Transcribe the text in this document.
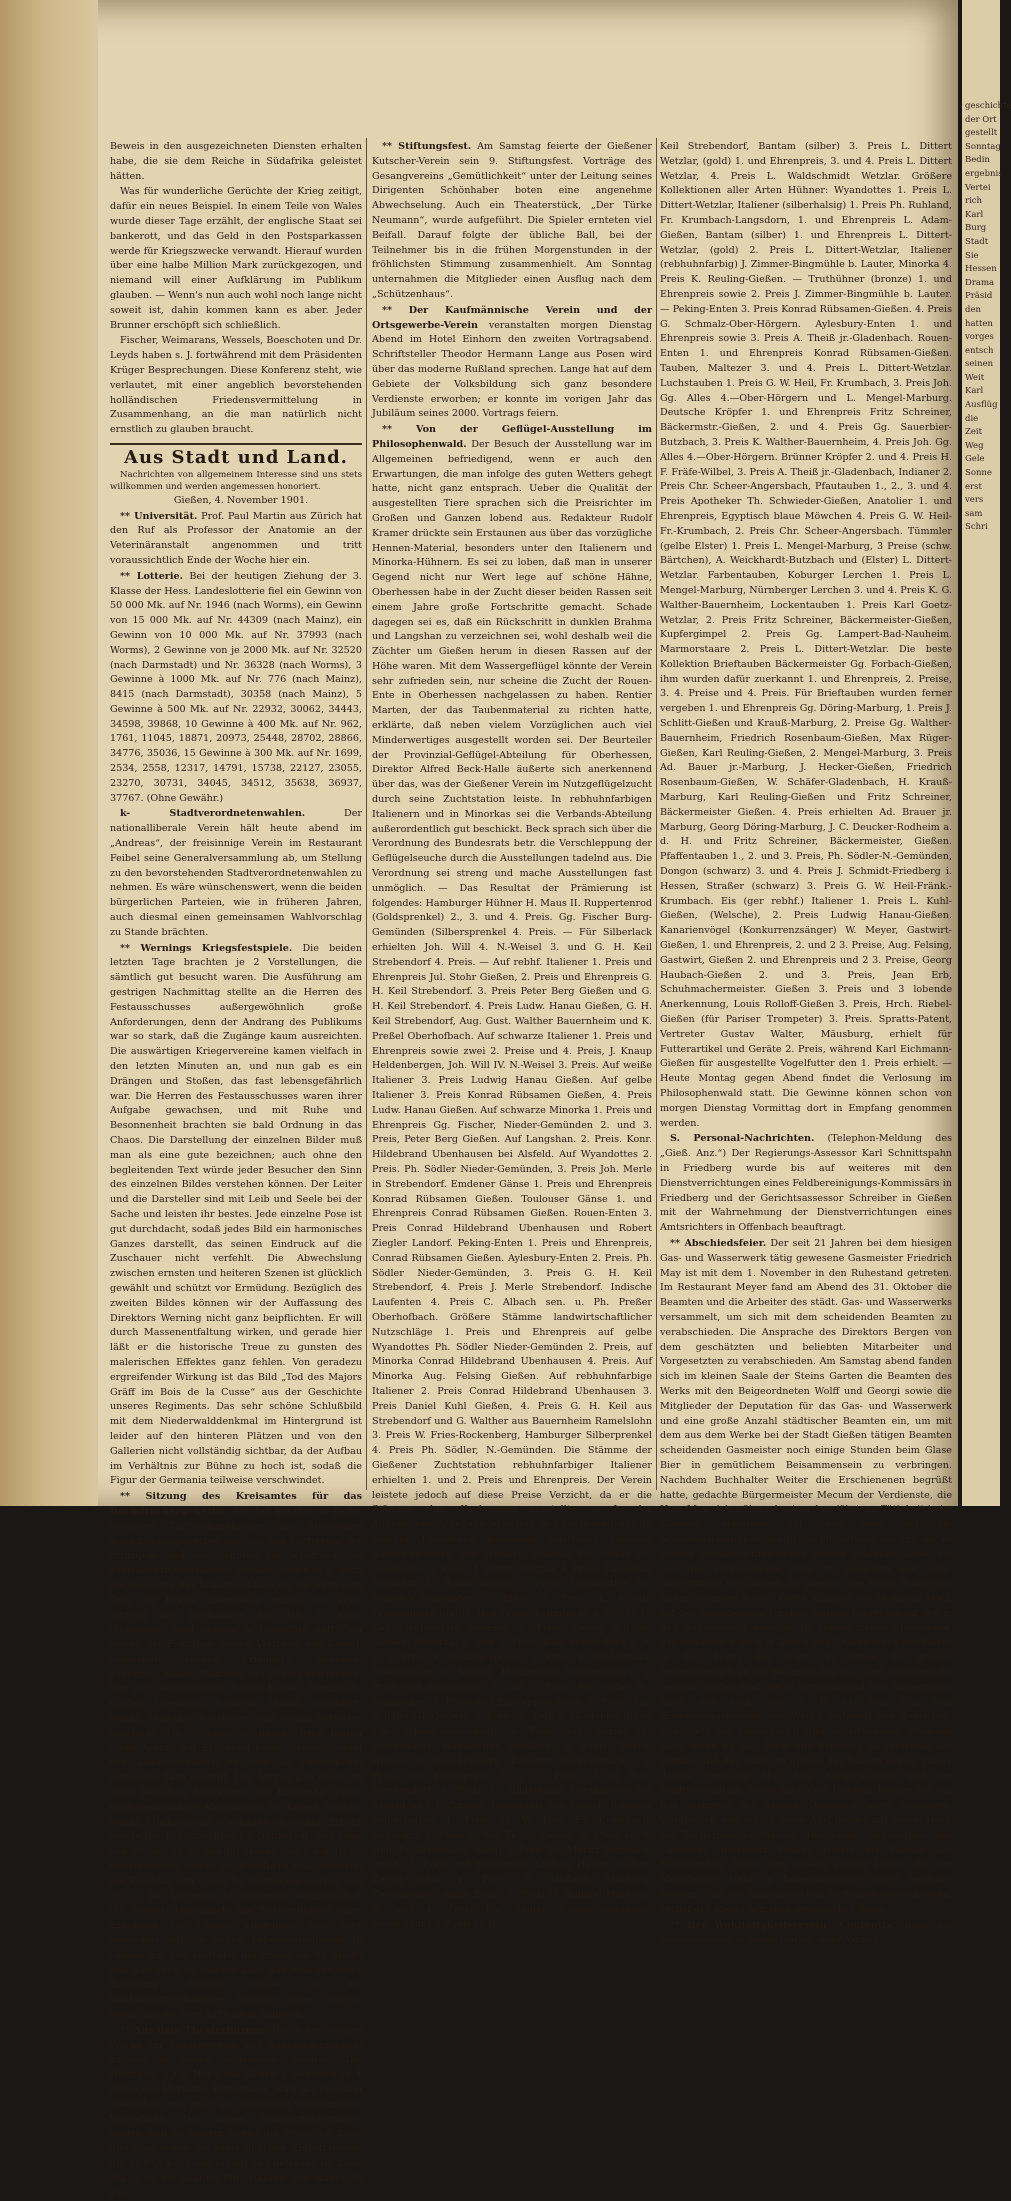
Beweis in den ausgezeichneten Diensten erhalten habe, die sie dem Reiche in Südafrika geleistet hätten.

Was für wunderliche Gerüchte der Krieg zeitigt, dafür ein neues Beispiel. In einem Teile von Wales wurde dieser Tage erzählt, der englische Staat sei bankerott, und das Geld in den Postsparkassen werde für Kriegszwecke verwandt. Hierauf wurden über eine halbe Million Mark zurückgezogen, und niemand will einer Aufklärung im Publikum glauben. — Wenn's nun auch wohl noch lange nicht soweit ist, dahin kommen kann es aber. Jeder Brunner erschöpft sich schließlich.

Fischer, Weimarans, Wessels, Boeschoten und Dr. Leyds haben s. J. fortwährend mit dem Präsidenten Krüger Besprechungen. Diese Konferenz steht, wie verlautet, mit einer angeblich bevorstehenden holländischen Friedensvermittelung in Zusammenhang, an die man natürlich nicht ernstlich zu glauben braucht.

Aus Stadt und Land.

Nachrichten von allgemeinem Interesse sind uns stets willkommen und werden angemessen honoriert.

Gießen, 4. November 1901.

** Universität. Prof. Paul Martin aus Zürich hat den Ruf als Professor der Anatomie an der Veterinäranstalt angenommen und tritt voraussichtlich Ende der Woche hier ein.

** Lotterie. Bei der heutigen Ziehung der 3. Klasse der Hess. Landeslotterie fiel ein Gewinn von 50 000 Mk. auf Nr. 1946 (nach Worms), ein Gewinn von 15 000 Mk. auf Nr. 44309 (nach Mainz), ein Gewinn von 10 000 Mk. auf Nr. 37993 (nach Worms), 2 Gewinne von je 2000 Mk. auf Nr. 32520 (nach Darmstadt) und Nr. 36328 (nach Worms), 3 Gewinne à 1000 Mk. auf Nr. 776 (nach Mainz), 8415 (nach Darmstadt), 30358 (nach Mainz), 5 Gewinne à 500 Mk. auf Nr. 22932, 30062, 34443, 34598, 39868, 10 Gewinne à 400 Mk. auf Nr. 962, 1761, 11045, 18871, 20973, 25448, 28702, 28866, 34776, 35036, 15 Gewinne à 300 Mk. auf Nr. 1699, 2534, 2558, 12317, 14791, 15738, 22127, 23055, 23270, 30731, 34045, 34512, 35638, 36937, 37767. (Ohne Gewähr.)

k- Stadtverordnetenwahlen.	Der nationalliberale Verein hält heute abend im „Andreas“, der freisinnige Verein im Restaurant Feibel seine Generalversammlung ab, um Stellung zu den bevorstehenden Stadtverordnetenwahlen zu nehmen. Es wäre wünschenswert, wenn die beiden bürgerlichen Parteien, wie in früheren Jahren, auch diesmal einen gemeinsamen Wahlvorschlag zu Stande brächten.

** Wernings Kriegsfestspiele. Die beiden letzten Tage brachten je 2 Vorstellungen, die sämtlich gut besucht waren. Die Ausführung am gestrigen Nachmittag stellte an die Herren des Festausschusses außergewöhnlich große Anforderungen, denn der Andrang des Publikums war so stark, daß die Zugänge kaum ausreichten. Die auswärtigen Kriegervereine kamen vielfach in den letzten Minuten an, und nun gab es ein Drängen und Stoßen, das fast lebensgefährlich war. Die Herren des Festausschusses waren ihrer Aufgabe gewachsen, und mit Ruhe und Besonnenheit brachten sie bald Ordnung in das Chaos. Die Darstellung der einzelnen Bilder muß man als eine gute bezeichnen; auch ohne den begleitenden Text würde jeder Besucher den Sinn des einzelnen Bildes verstehen können. Der Leiter und die Darsteller sind mit Leib und Seele bei der Sache und leisten ihr bestes. Jede einzelne Pose ist gut durchdacht, sodaß jedes Bild ein harmonisches Ganzes darstellt, das seinen Eindruck auf die Zuschauer nicht verfehlt. Die Abwechslung zwischen ernsten und heiteren Szenen ist glücklich gewählt und schützt vor Ermüdung. Bezüglich des zweiten Bildes können wir der Auffassung des Direktors Werning nicht ganz beipflichten. Er will durch Massenentfaltung wirken, und gerade hier läßt er die historische Treue zu gunsten des malerischen Effektes ganz fehlen. Von geradezu ergreifender Wirkung ist das Bild „Tod des Majors Gräff im Bois de la Cusse“ aus der Geschichte unseres Regiments. Das sehr schöne Schlußbild mit dem Niederwalddenkmal im Hintergrund ist leider auf den hinteren Plätzen und von den Gallerien nicht vollständig sichtbar, da der Aufbau im Verhältnis zur Bühne zu hoch ist, sodaß die Figur der Germania teilweise verschwindet.

** Sitzung des Kreisamtes für das Buchdruckergewerbe. Bei den kürzlich in Berlin erfolgten Tarifverhandlungen des Deutschen Buchdruckergewerbes war von den Vertretern der Prinzipale und der Gehilfen die Schaffung von Kreisämtern beschlossen worden, denen u. a. auch die Regelung der Lokalzuschläge für die einzelnen Orte der Kreise überwiesen wurde. Die erste Sitzung des Kreisamtes für den 3. Kreis (Mainkreis) fand gestern in Frankfurt statt. Von Seiten der Prinzipale waren Vertreter aus Kassel, Darmstadt, Gießen, Friedberg, Nauheim, Frankfurt, Mainz, Marburg und Worms erschienen. Von der Gehilfenschaft hatten Kassel, Darmstadt, Gießen, Friedberg, Nauheim, Hanau, Frankfurt, Mainz, Marburg, Wiesbaden und Worms Vertreter geschickt. Die Gehilfen in diesen Orten hatten einen Antrag auf Erhöhung bezw. Neueinführung von Lokalzuschlägen zu dem im Deutschland geltenden Tarif gestellt. Der Antrag gab Anlaß zu einer lebhaften Erörterung. Die Erhöhung wurde nach mehrmaliger Abstimmung für Kassel, Gießen, Mainz, Marburg und Wiesbaden abgelehnt. Erhöht wurde der Lokalzuschlag für Darmstadt, und zwar von 8⅓ auf 11 %, und für Hanau von 5 auf 10 %; neueingeführt wurde für Friedberg und Nauheim ein Zuschlag von 5 und für Worms ein solcher von 2½ %. Der Vertreter der Gießener Gehilfenschaft (M. Keßler) begründete die Notwendigkeit einer Erhöhung für Gießen eingehend und wies besonders auf die hohen Lebensmittelpreise in Gießen hin. Der Vertreter der Prinzipale (O. Kindt) gab dies auch zu, glaubte aber, daß man von einer Erhöhung absehen müsse, da die Konkurrenzverhältnisse Gießens diese weitere Belastung der Geschäfte nicht zuließen.

** Aus dem Theaterbureau. Die in der vorigen Woche im Theaterverein mit außerordentlichem Erfolge in Szene gegangene Novität „Die Hoffnung“ („Op Hope van Zegen“), Seestück in 4 Akten von Hermann Heyermans, wird am Dienstag wiederholt und zwar als vollständig volkstümliche Vorstellung. Der hohen Honorarforderungen wegen sind an diesem Abend die Preise für Loge und Saal gegen die sonst üblichen Eintrittspreise um 10 Pfg. pro Billet erhöht und betragen für Loge Mk. 1,30, für Saal 60 Pfg., Gallerie wie immer 30 Pfg.

** Stiftungsfest. Am Samstag feierte der Gießener Kutscher-Verein sein 9. Stiftungsfest. Vorträge des Gesangvereins „Gemütlichkeit“ unter der Leitung seines Dirigenten Schönhaber boten eine angenehme Abwechselung. Auch ein Theaterstück, „Der Türke Neumann“, wurde aufgeführt. Die Spieler ernteten viel Beifall. Darauf folgte der übliche Ball, bei der Teilnehmer bis in die frühen Morgenstunden in der fröhlichsten Stimmung zusammenhielt. Am Sonntag unternahmen die Mitglieder einen Ausflug nach dem „Schützenhaus“.

** Der Kaufmännische Verein und der Ortsgewerbe-Verein veranstalten morgen Dienstag Abend im Hotel Einhorn den zweiten Vortragsabend. Schriftsteller Theodor Hermann Lange aus Posen wird über das moderne Rußland sprechen. Lange hat auf dem Gebiete der Volksbildung sich ganz besondere Verdienste erworben; er konnte im vorigen Jahr das Jubiläum seines 2000. Vortrags feiern.

** Von der Geflügel-Ausstellung im Philosophenwald. Der Besuch der Ausstellung war im Allgemeinen befriedigend, wenn er auch den Erwartungen, die man infolge des guten Wetters gehegt hatte, nicht ganz entsprach. Ueber die Qualität der ausgestellten Tiere sprachen sich die Preisrichter im Großen und Ganzen lobend aus. Redakteur Rudolf Kramer drückte sein Erstaunen aus über das vorzügliche Hennen-Material, besonders unter den Italienern und Minorka-Hühnern. Es sei zu loben, daß man in unserer Gegend nicht nur Wert lege auf schöne Hähne, Oberhessen habe in der Zucht dieser beiden Rassen seit einem Jahre große Fortschritte gemacht. Schade dagegen sei es, daß ein Rückschritt in dunklen Brahma und Langshan zu verzeichnen sei, wohl deshalb weil die Züchter um Gießen herum in diesen Rassen auf der Höhe waren. Mit dem Wassergeflügel könnte der Verein sehr zufrieden sein, nur scheine die Zucht der Rouen-Ente in Oberhessen nachgelassen zu haben. Rentier Marten, der das Taubenmaterial zu richten hatte, erklärte, daß neben vielem Vorzüglichen auch viel Minderwertiges ausgestellt worden sei. Der Beurteiler der Provinzial-Geflügel-Abteilung für Oberhessen, Direktor Alfred Beck-Halle äußerte sich anerkennend über das, was der Gießener Verein im Nutzgeflügelzucht durch seine Zuchtstation leiste. In rebhuhnfarbigen Italienern und in Minorkas sei die Verbands-Abteilung außerordentlich gut beschickt. Beck sprach sich über die Verordnung des Bundesrats betr. die Verschleppung der Geflügelseuche durch die Ausstellungen tadelnd aus. Die Verordnung sei streng und mache Ausstellungen fast unmöglich. — Das Resultat der Prämierung ist folgendes: Hamburger Hühner H. Maus II. Ruppertenrod (Goldsprenkel) 2., 3. und 4. Preis. Gg. Fischer Burg-Gemünden (Silbersprenkel 4. Preis. — Für Silberlack erhielten Joh. Will 4. N.-Weisel 3. und G. H. Keil Strebendorf 4. Preis. — Auf rebhf. Italiener 1. Preis und Ehrenpreis Jul. Stohr Gießen, 2. Preis und Ehrenpreis G. H. Keil Strebendorf. 3. Preis Peter Berg Gießen und G. H. Keil Strebendorf. 4. Preis Ludw. Hanau Gießen, G. H. Keil Strebendorf, Aug. Gust. Walther Bauernheim und K. Preßel Oberhofbach. Auf schwarze Italiener 1. Preis und Ehrenpreis sowie zwei 2. Preise und 4. Preis, J. Knaup Heldenbergen, Joh. Will IV. N.-Weisel 3. Preis. Auf weiße Italiener 3. Preis Ludwig Hanau Gießen. Auf gelbe Italiener 3. Preis Konrad Rübsamen Gießen, 4. Preis Ludw. Hanau Gießen. Auf schwarze Minorka 1. Preis und Ehrenpreis Gg. Fischer, Nieder-Gemünden 2. und 3. Preis, Peter Berg Gießen. Auf Langshan. 2. Preis. Konr. Hildebrand Ubenhausen bei Alsfeld. Auf Wyandottes 2. Preis. Ph. Södler Nieder-Gemünden, 3. Preis Joh. Merle in Strebendorf. Emdener Gänse 1. Preis und Ehrenpreis Konrad Rübsamen Gießen. Toulouser Gänse 1. und Ehrenpreis Conrad Rübsamen Gießen. Rouen-Enten 3. Preis Conrad Hildebrand Ubenhausen und Robert Ziegler Landorf. Peking-Enten 1. Preis und Ehrenpreis, Conrad Rübsamen Gießen. Aylesbury-Enten 2. Preis. Ph. Södler Nieder-Gemünden, 3. Preis G. H. Keil Strebendorf, 4. Preis J. Merle Strebendorf. Indische Laufenten 4. Preis C. Albach sen. u. Ph. Preßer Oberhofbach. Größere Stämme landwirtschaftlicher Nutzschläge 1. Preis und Ehrenpreis auf gelbe Wyandottes Ph. Södler Nieder-Gemünden 2. Preis, auf Minorka Conrad Hildebrand Ubenhausen 4. Preis. Auf Minorka Aug. Felsing Gießen. Auf rebhuhnfarbige Italiener 2. Preis Conrad Hildebrand Ubenhausen 3. Preis Daniel Kuhl Gießen, 4. Preis G. H. Keil aus Strebendorf und G. Walther aus Bauernheim Ramelslohn 3. Preis W. Fries-Rockenberg, Hamburger Silberprenkel 4. Preis Ph. Södler, N.-Gemünden. Die Stämme der Gießener Zuchtstation rebhuhnfarbiger Italiener erhielten 1. und 2. Preis und Ehrenpreis. Der Verein leistete jedoch auf diese Preise Verzicht, da er die Stämme ohne Konkurrenz ausstellte. — In der Allgemeinen Abteilung erhielten in Oberhessen und in unserer Umgebung wohnende Aussteller folgende Auszeichnungen: Auf Hühner: Brahma Ph. Södler N.-Gemünden 3. Preis, J. Dittert-Wetzlar 4. Preis. Langshan rebhuhnf. L. Adam-Gießen 3. Preis. Wyandottes Ph. Södler-N.-Gemünden 2. Preis. 3. Preis: K. Krauß-Frankenberg und G. Heil-Fränk.-Krumbach. 4. Pr.: G. H. Keil Strebendorf. Spanier: 2. Preis: Georg Schäfer-Gießen. Minorka: 2. und 3. Preis: Karl Stöher-Diez a. d. L. 3. Preis: K. Reuling-Gießen. 2. Preis: K. Hildebrand-Ubenhausen b. Alsfeld. Hamburger Silberprenkel: 1. Preis und Ehrenpreis, 2. und 3. Preis: Ph. Södler N.-Gemünden. 1. Preis und Ehrenpreis sowie 2. Preis: Joh. Schäfer III.-Gießen. 3. Preis: A. Feiß jr.-Gladenbach und Chr. Scheer-Angersbach. 4. Preis: Joh. Korrel IV.-Strebendorf. Hamburger Goldlack: 3. Preis: Eberh. Helmes II.-Ober-Hörgern. Italiener (rebhuhnfarb.): 1. Preis und Ehrenpreis, 2. u. 3. Preis: G. H. Keil-Strebendorf. 4. Preis: K. Hildebrand Ubenhausen bei Alsfeld und J. Zimmer Bingmühle bei Lauter. Italiener (silberhalsig) 1. Preis: G. W. Heil, Fr. Krumbach, (schwarz) 3. Preis J. Will IV., N.-Weisel, 4. Preis G. W. Heil, Fr. Krumbach, (blau) 3. Preis Ed. Moritz Butzbach, (weiß) 2. Preis und Ehrenpreis Ludwig Hanau Gießen. Zwerg-Cochin 4. Preis W. Holland Marburg. Zwerghühner (mille fleur), 2. Preis W. Holland Marburg, 3. und 4. Preis Ph. Södler Nieder-Gemünden, (porzellanf.) 4. Preis G. H.

Keil Strebendorf, Bantam (silber) 3. Preis L. Dittert Wetzlar, (gold) 1. und Ehrenpreis, 3. und 4. Preis L. Dittert Wetzlar, 4. Preis L. Waldschmidt Wetzlar. Größere Kollektionen aller Arten Hühner: Wyandottes 1. Preis L. Dittert-Wetzlar, Italiener (silberhalsig) 1. Preis Ph. Ruhland, Fr. Krumbach-Langsdorn, 1. und Ehrenpreis L. Adam-Gießen, Bantam (silber) 1. und Ehrenpreis L. Dittert-Wetzlar, (gold) 2. Preis L. Dittert-Wetzlar, Italiener (rebhuhnfarbig) J. Zimmer-Bingmühle b. Lauter, Minorka 4. Preis K. Reuling-Gießen. — Truthühner (bronze) 1. und Ehrenpreis sowie 2. Preis J. Zimmer-Bingmühle b. Lauter. — Peking-Enten 3. Preis Konrad Rübsamen-Gießen. 4. Preis G. Schmalz-Ober-Hörgern. Aylesbury-Enten 1. und Ehrenpreis sowie 3. Preis A. Theiß jr.-Gladenbach. Rouen-Enten 1. und Ehrenpreis Konrad Rübsamen-Gießen. Tauben, Maltezer 3. und 4. Preis L. Dittert-Wetzlar. Luchstauben 1. Preis G. W. Heil, Fr. Krumbach, 3. Preis Joh. Gg. Alles 4.—Ober-Hörgern und L. Mengel-Marburg. Deutsche Kröpfer 1. und Ehrenpreis Fritz Schreiner, Bäckermstr.-Gießen, 2. und 4. Preis Gg. Sauerbier-Butzbach, 3. Preis K. Walther-Bauernheim, 4. Preis Joh. Gg. Alles 4.—Ober-Hörgern. Brünner Kröpfer 2. und 4. Preis H. F. Fräfe-Wilbel, 3. Preis A. Theiß jr.-Gladenbach, Indianer 2. Preis Chr. Scheer-Angersbach, Pfautauben 1., 2., 3. und 4. Preis Apotheker Th. Schwieder-Gießen, Anatolier 1. und Ehrenpreis, Egyptisch blaue Möwchen 4. Preis G. W. Heil-Fr.-Krumbach, 2. Preis Chr. Scheer-Angersbach. Tümmler (gelbe Elster) 1. Preis L. Mengel-Marburg, 3 Preise (schw. Bärtchen), A. Weickhardt-Butzbach und (Elster) L. Dittert-Wetzlar. Farbentauben, Koburger Lerchen 1. Preis L. Mengel-Marburg, Nürnberger Lerchen 3. und 4. Preis K. G. Walther-Bauernheim, Lockentauben 1. Preis Karl Goetz-Wetzlar, 2. Preis Fritz Schreiner, Bäckermeister-Gießen, Kupfergimpel 2. Preis Gg. Lampert-Bad-Nauheim. Marmorstaare 2. Preis L. Dittert-Wetzlar. Die beste Kollektion Brieftauben Bäckermeister Gg. Forbach-Gießen, ihm wurden dafür zuerkannt 1. und Ehrenpreis, 2. Preise, 3. 4. Preise und 4. Preis. Für Brieftauben wurden ferner vergeben 1. und Ehrenpreis Gg. Döring-Marburg, 1. Preis J. Schlitt-Gießen und Krauß-Marburg, 2. Preise Gg. Walther-Bauernheim, Friedrich Rosenbaum-Gießen, Max Rüger-Gießen, Karl Reuling-Gießen, 2. Mengel-Marburg, 3. Preis Ad. Bauer jr.-Marburg, J. Hecker-Gießen, Friedrich Rosenbaum-Gießen, W. Schäfer-Gladenbach, H. Krauß-Marburg, Karl Reuling-Gießen und Fritz Schreiner, Bäckermeister Gießen. 4. Preis erhielten Ad. Brauer jr. Marburg, Georg Döring-Marburg, J. C. Deucker-Rodheim a. d. H. und Fritz Schreiner, Bäckermeister, Gießen. Pfaffentauben 1., 2. und 3. Preis, Ph. Södler-N.-Gemünden, Dongon (schwarz) 3. und 4. Preis J. Schmidt-Friedberg i. Hessen, Straßer (schwarz) 3. Preis G. W. Heil-Fränk.-Krumbach. Eis (ger rebhf.) Italiener 1. Preis L. Kuhl-Gießen, (Welsche), 2. Preis Ludwig Hanau-Gießen. Kanarienvögel (Konkurrenzsänger) W. Meyer, Gastwirt-Gießen, 1. und Ehrenpreis, 2. und 2 3. Preise, Aug. Felsing, Gastwirt, Gießen 2. und Ehrenpreis und 2 3. Preise, Georg Haubach-Gießen 2. und 3. Preis, Jean Erb, Schuhmachermeister. Gießen 3. Preis und 3 lobende Anerkennung, Louis Rolloff-Gießen 3. Preis, Hrch. Riebel-Gießen (für Pariser Trompeter) 3. Preis. Spratts-Patent, Vertreter Gustav Walter, Mäusburg, erhielt für Futterartikel und Geräte 2. Preis, während Karl Eichmann-Gießen für ausgestellte Vogelfutter den 1. Preis erhielt. — Heute Montag gegen Abend findet die Verlosung im Philosophenwald statt. Die Gewinne können schon von morgen Dienstag Vormittag dort in Empfang genommen werden.

S. Personal-Nachrichten. (Telephon-Meldung des „Gieß. Anz.“) Der Regierungs-Assessor Karl Schnittspahn in Friedberg wurde bis auf weiteres mit den Dienstverrichtungen eines Feldbereinigungs-Kommissärs in Friedberg und der Gerichtsassessor Schreiber in Gießen mit der Wahrnehmung der Dienstverrichtungen eines Amtsrichters in Offenbach beauftragt.

** Abschiedsfeier. Der seit 21 Jahren bei dem hiesigen Gas- und Wasserwerk tätig gewesene Gasmeister Friedrich May ist mit dem 1. November in den Ruhestand getreten. Im Restaurant Meyer fand am Abend des 31. Oktober die Beamten und die Arbeiter des städt. Gas- und Wasserwerks versammelt, um sich mit dem scheidenden Beamten zu verabschieden. Die Ansprache des Direktors Bergen von dem geschätzten und beliebten Mitarbeiter und Vorgesetzten zu verabschieden. Am Samstag abend fanden sich im kleinen Saale der Steins Garten die Beamten des Werks mit den Beigeordneten Wolff und Georgi sowie die Mitglieder der Deputation für das Gas- und Wasserwerk und eine große Anzahl städtischer Beamten ein, um mit dem aus dem Werke bei der Stadt Gießen tätigen Beamten scheidenden Gasmeister noch einige Stunden beim Glase Bier in gemütlichem Beisammensein zu verbringen. Nachdem Buchhalter Weiter die Erschienenen begrüßt hatte, gedachte Bürgermeister Mecum der Verdienste, die Herr May sich während seiner langjährigen Tätigkeit beim Gaswerk erworben hat, und wies auf die Schaffensfreudigkeit und große Pflichttreue hin, mit der er seinem verantwortungsvollen Posten bekleidet habe, um nun die wohlverdiente Ruhe zu genießen und seine angegriffene Gesundheit zu pflegen. Die tiefen Eindrücke hinterlassenden ferner Worte klangen aus in einem Hoch auf den Scheidenden. Direktor Bergen feierte darauf den in den Ruhestand Tretenden als seinen treuen Mitarbeiter, der namentlich auch in Zeiten des Ueberganges des Werks in den Besitz der Stadt, in denen die großen Anforderungen an die Beamten des Gas- und Wasserwerks gestellt worden sind, die er hervorragend treu mitgetragen habe, wie auch, wie z. B. bei den Um- und Erweiterungsbauten des Werks während des Betriebes, sich stets als unermüdlich und arbeitsfreudig erwiesen habe, wenn es galt, Ruhe und Erholung im Interesse des Werkes und der Stadt zu opfern. Im Namen seines Vaters dankte Professor May dem Bürgermeister und der Stadtverwaltung, sowie auch dem Direktor Bergen für das ihm während der langen Dienstzeit stets bewiesene Wohlwollen und schloß seine Ausführung mit einem Hoch auf Bürgermeister Mecum. Der erste Obermonteur des Gaswerks, Ingenieur Frahm, feierte die Familie des Scheidenden. Unter dem Gesang einiger Lieder, die von Musiklehrer Hahn in liebenswürdiger Weise begleitet wurden, und bei humoristischen Vorträgen abwechselten, verlief der Abend in froher, gemütlicher Weise.

** Der Wohltätigkeitsverein „Contentia“ hatte am Samstagabend in Steins Garten seine Winter-

geschichte
der Ort
gestellt
Sonntag
Bedin
ergebnis
Vertei
rich
Karl
Burg
Stadt
Sie
Hessen
Drama
Präsid
den
hatten
vorges
entsch
seinen
Weit
Karl
Ausflüg
die
Zeit
Weg
Gele
Sonne
erst
vers
sam
Schri
